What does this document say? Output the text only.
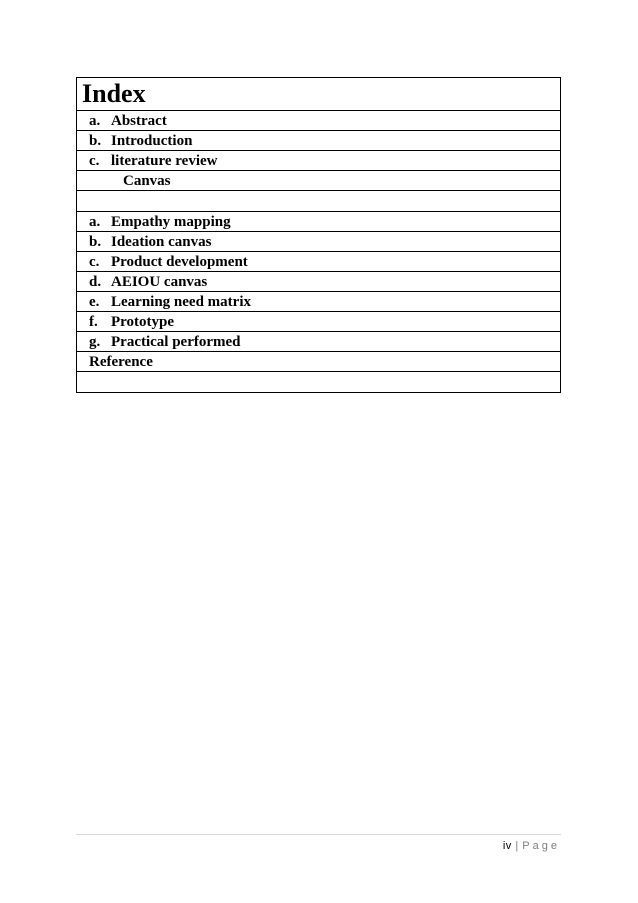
Index
a. Abstract
b. Introduction
c. literature review
Canvas

a. Empathy mapping
b. Ideation canvas
c. Product development
d. AEIOU canvas
e. Learning need matrix
f. Prototype
g. Practical performed
Reference

iv | Page
